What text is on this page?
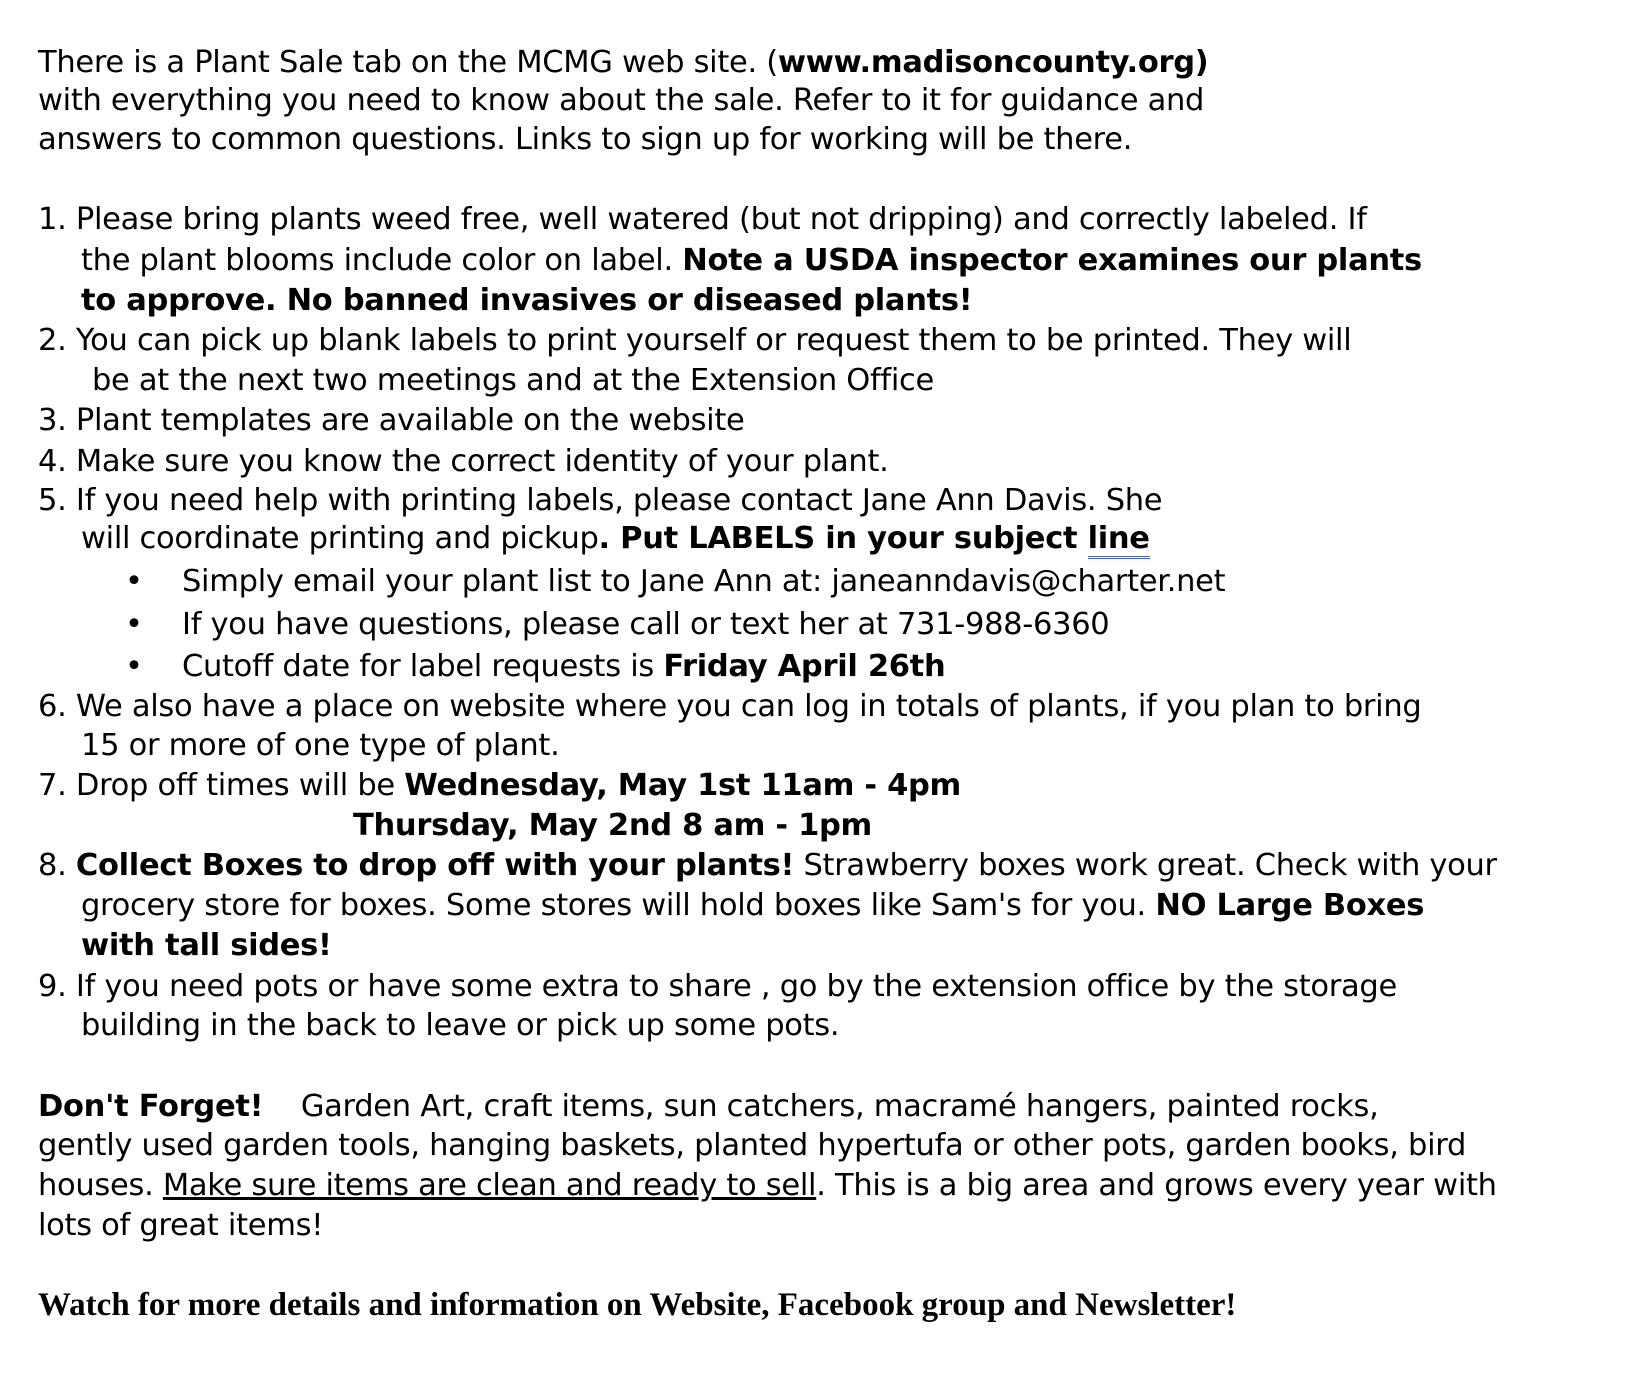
There is a Plant Sale tab on the MCMG web site. (www.madisoncounty.org)

with everything you need to know about the sale. Refer to it for guidance and

answers to common questions. Links to sign up for working will be there.

1. Please bring plants weed free, well watered (but not dripping) and correctly labeled. If

the plant blooms include color on label. Note a USDA inspector examines our plants

to approve. No banned invasives or diseased plants!

2. You can pick up blank labels to print yourself or request them to be printed. They will

be at the next two meetings and at the Extension Office

3. Plant templates are available on the website

4. Make sure you know the correct identity of your plant.

5. If you need help with printing labels, please contact Jane Ann Davis. She

will coordinate printing and pickup. Put LABELS in your subject line

• Simply email your plant list to Jane Ann at: janeanndavis@charter.net

• If you have questions, please call or text her at 731-988-6360

• Cutoff date for label requests is Friday April 26th

6. We also have a place on website where you can log in totals of plants, if you plan to bring

15 or more of one type of plant.

7. Drop off times will be Wednesday, May 1st 11am - 4pm

Thursday, May 2nd 8 am - 1pm

8. Collect Boxes to drop off with your plants! Strawberry boxes work great. Check with your

grocery store for boxes. Some stores will hold boxes like Sam's for you. NO Large Boxes

with tall sides!

9. If you need pots or have some extra to share , go by the extension office by the storage

building in the back to leave or pick up some pots.

Don't Forget!    Garden Art, craft items, sun catchers, macramé hangers, painted rocks,

gently used garden tools, hanging baskets, planted hypertufa or other pots, garden books, bird

houses. Make sure items are clean and ready to sell. This is a big area and grows every year with

lots of great items!

Watch for more details and information on Website, Facebook group and Newsletter!
